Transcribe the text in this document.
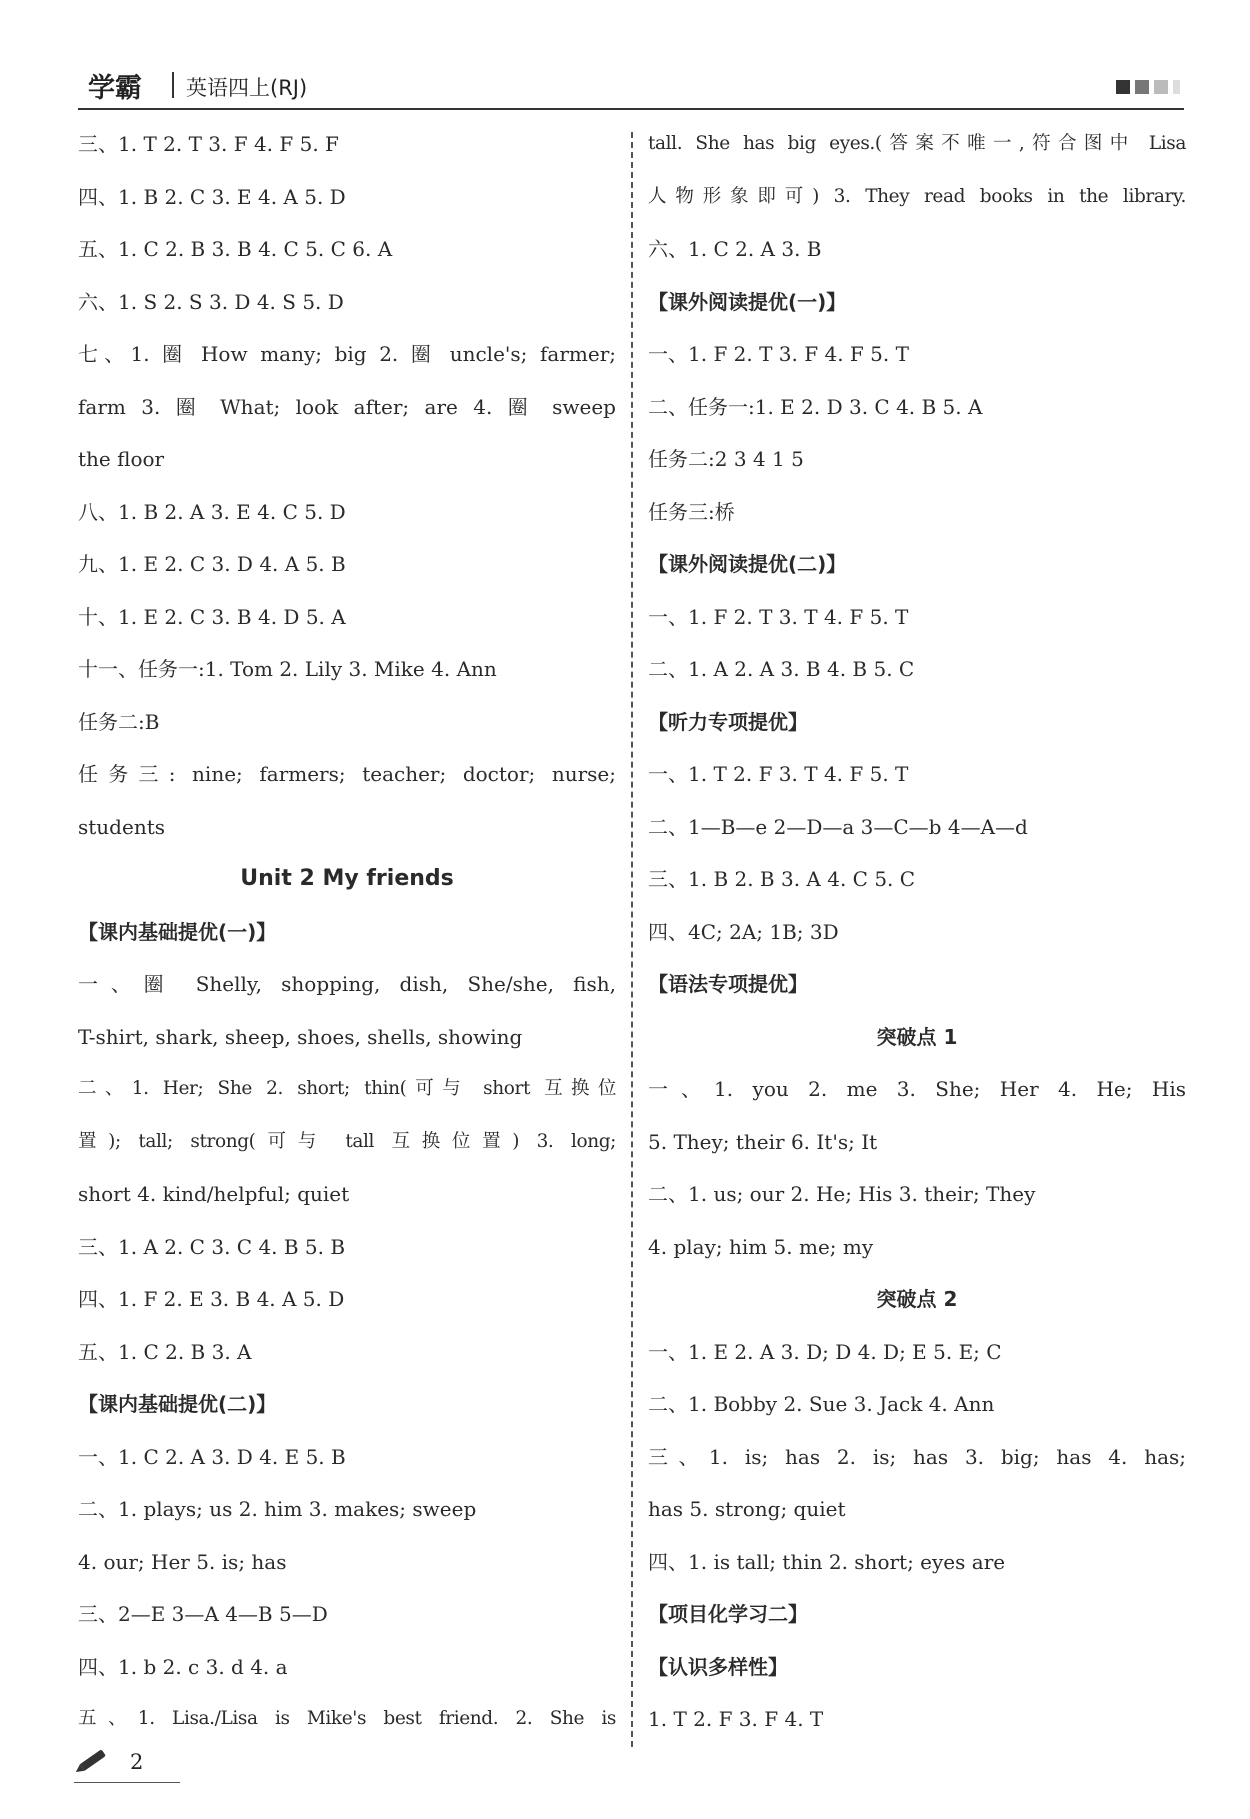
学霸 英语四上(RJ)
三、1. T 2. T 3. F 4. F 5. F
四、1. B 2. C 3. E 4. A 5. D
五、1. C 2. B 3. B 4. C 5. C 6. A
六、1. S 2. S 3. D 4. S 5. D
七、1. 圈 How many; big 2. 圈 uncle's; farmer;
farm 3. 圈 What; look after; are 4. 圈 sweep
the floor
八、1. B 2. A 3. E 4. C 5. D
九、1. E 2. C 3. D 4. A 5. B
十、1. E 2. C 3. B 4. D 5. A
十一、任务一:1. Tom 2. Lily 3. Mike 4. Ann
任务二:B
任务三: nine; farmers; teacher; doctor; nurse;
students
Unit 2 My friends
【课内基础提优(一)】
一、圈 Shelly, shopping, dish, She/she, fish,
T-shirt, shark, sheep, shoes, shells, showing
二、1. Her; She 2. short; thin(可与 short 互换位
置); tall; strong(可与 tall 互换位置) 3. long;
short 4. kind/helpful; quiet
三、1. A 2. C 3. C 4. B 5. B
四、1. F 2. E 3. B 4. A 5. D
五、1. C 2. B 3. A
【课内基础提优(二)】
一、1. C 2. A 3. D 4. E 5. B
二、1. plays; us 2. him 3. makes; sweep
4. our; Her 5. is; has
三、2—E 3—A 4—B 5—D
四、1. b 2. c 3. d 4. a
五、1. Lisa./Lisa is Mike's best friend. 2. She is
tall. She has big eyes.(答案不唯一,符合图中 Lisa
人物形象即可) 3. They read books in the library.
六、1. C 2. A 3. B
【课外阅读提优(一)】
一、1. F 2. T 3. F 4. F 5. T
二、任务一:1. E 2. D 3. C 4. B 5. A
任务二:2 3 4 1 5
任务三:桥
【课外阅读提优(二)】
一、1. F 2. T 3. T 4. F 5. T
二、1. A 2. A 3. B 4. B 5. C
【听力专项提优】
一、1. T 2. F 3. T 4. F 5. T
二、1—B—e 2—D—a 3—C—b 4—A—d
三、1. B 2. B 3. A 4. C 5. C
四、4C; 2A; 1B; 3D
【语法专项提优】
突破点 1
一、1. you 2. me 3. She; Her 4. He; His
5. They; their 6. It's; It
二、1. us; our 2. He; His 3. their; They
4. play; him 5. me; my
突破点 2
一、1. E 2. A 3. D; D 4. D; E 5. E; C
二、1. Bobby 2. Sue 3. Jack 4. Ann
三、1. is; has 2. is; has 3. big; has 4. has;
has 5. strong; quiet
四、1. is tall; thin 2. short; eyes are
【项目化学习二】
【认识多样性】
1. T 2. F 3. F 4. T
2
